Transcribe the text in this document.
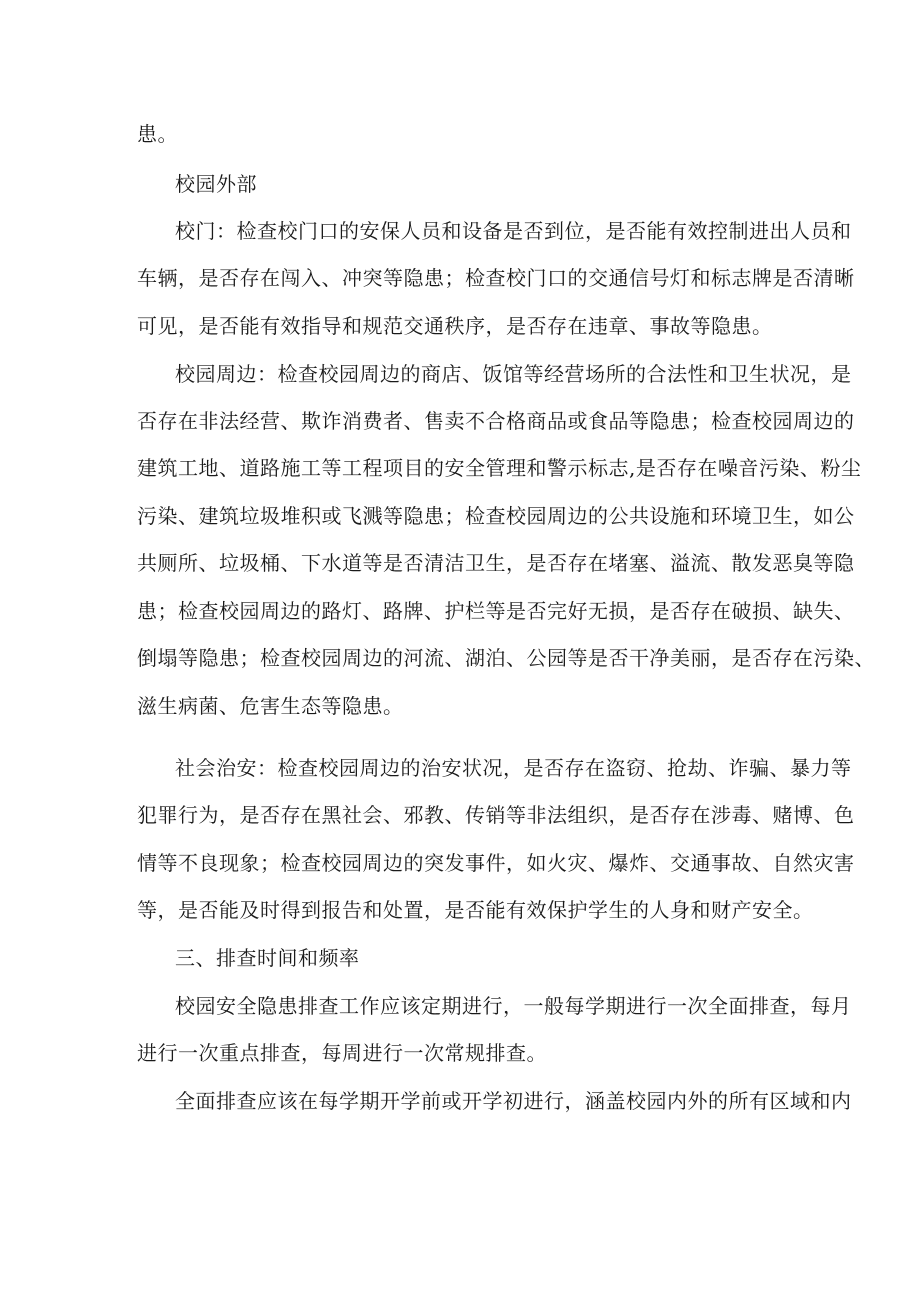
患。
校园外部
校门：检查校门口的安保人员和设备是否到位，是否能有效控制进出人员和
车辆，是否存在闯入、冲突等隐患；检查校门口的交通信号灯和标志牌是否清晰
可见，是否能有效指导和规范交通秩序，是否存在违章、事故等隐患。
校园周边：检查校园周边的商店、饭馆等经营场所的合法性和卫生状况，是
否存在非法经营、欺诈消费者、售卖不合格商品或食品等隐患；检查校园周边的
建筑工地、道路施工等工程项目的安全管理和警示标志,是否存在噪音污染、粉尘
污染、建筑垃圾堆积或飞溅等隐患；检查校园周边的公共设施和环境卫生，如公
共厕所、垃圾桶、下水道等是否清洁卫生，是否存在堵塞、溢流、散发恶臭等隐
患；检查校园周边的路灯、路牌、护栏等是否完好无损，是否存在破损、缺失、
倒塌等隐患；检查校园周边的河流、湖泊、公园等是否干净美丽，是否存在污染、
滋生病菌、危害生态等隐患。
社会治安：检查校园周边的治安状况，是否存在盗窃、抢劫、诈骗、暴力等
犯罪行为，是否存在黑社会、邪教、传销等非法组织，是否存在涉毒、赌博、色
情等不良现象；检查校园周边的突发事件，如火灾、爆炸、交通事故、自然灾害
等，是否能及时得到报告和处置，是否能有效保护学生的人身和财产安全。
三、排查时间和频率
校园安全隐患排查工作应该定期进行，一般每学期进行一次全面排查，每月
进行一次重点排查，每周进行一次常规排查。
全面排查应该在每学期开学前或开学初进行，涵盖校园内外的所有区域和内
